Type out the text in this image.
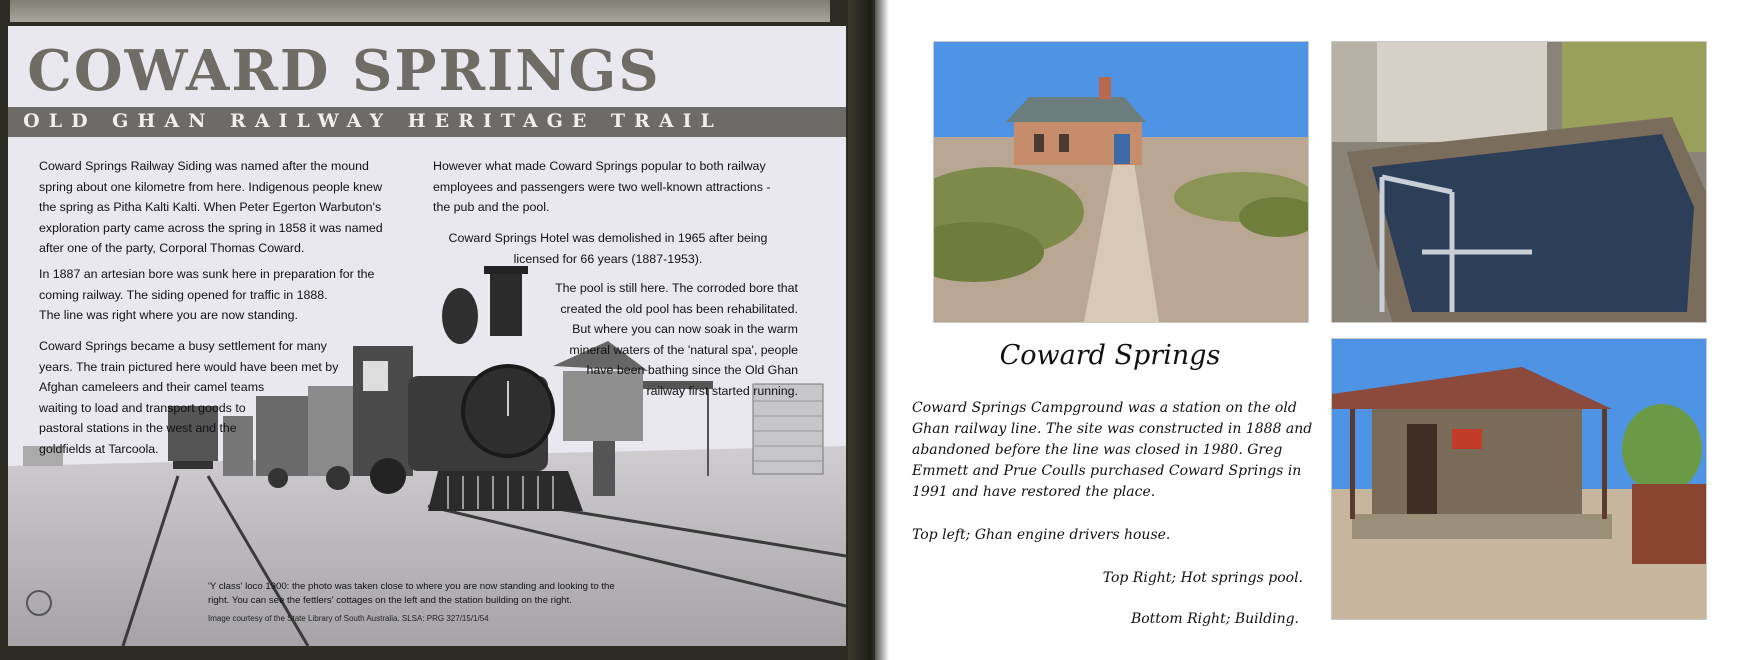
COWARD SPRINGS
OLD GHAN RAILWAY HERITAGE TRAIL
Coward Springs Railway Siding was named after the mound
spring about one kilometre from here. Indigenous people knew
the spring as Pitha Kalti Kalti. When Peter Egerton Warbuton's
exploration party came across the spring in 1858 it was named
after one of the party, Corporal Thomas Coward.
In 1887 an artesian bore was sunk here in preparation for the
coming railway. The siding opened for traffic in 1888.
The line was right where you are now standing.
Coward Springs became a busy settlement for many
years. The train pictured here would have been met by
Afghan cameleers and their camel teams
waiting to load and transport goods to
pastoral stations in the west and the
goldfields at Tarcoola.
However what made Coward Springs popular to both railway
employees and passengers were two well-known attractions -
the pub and the pool.
Coward Springs Hotel was demolished in 1965 after being
licensed for 66 years (1887-1953).
The pool is still here. The corroded bore that
created the old pool has been rehabilitated.
But where you can now soak in the warm
mineral waters of the 'natural spa', people
have been bathing since the Old Ghan
railway first started running.
'Y class' loco 1900: the photo was taken close to where you are now standing and looking to the right. You can see the fettlers' cottages on the left and the station building on the right.
Image courtesy of the State Library of South Australia. SLSA: PRG 327/15/1/54
Coward Springs
Coward Springs Campground was a station on the old Ghan railway line. The site was constructed in 1888 and abandoned before the line was closed in 1980. Greg Emmett and Prue Coulls purchased Coward Springs in 1991 and have restored the place.
Top left; Ghan engine drivers house.
Top Right; Hot springs pool.
Bottom Right; Building.
